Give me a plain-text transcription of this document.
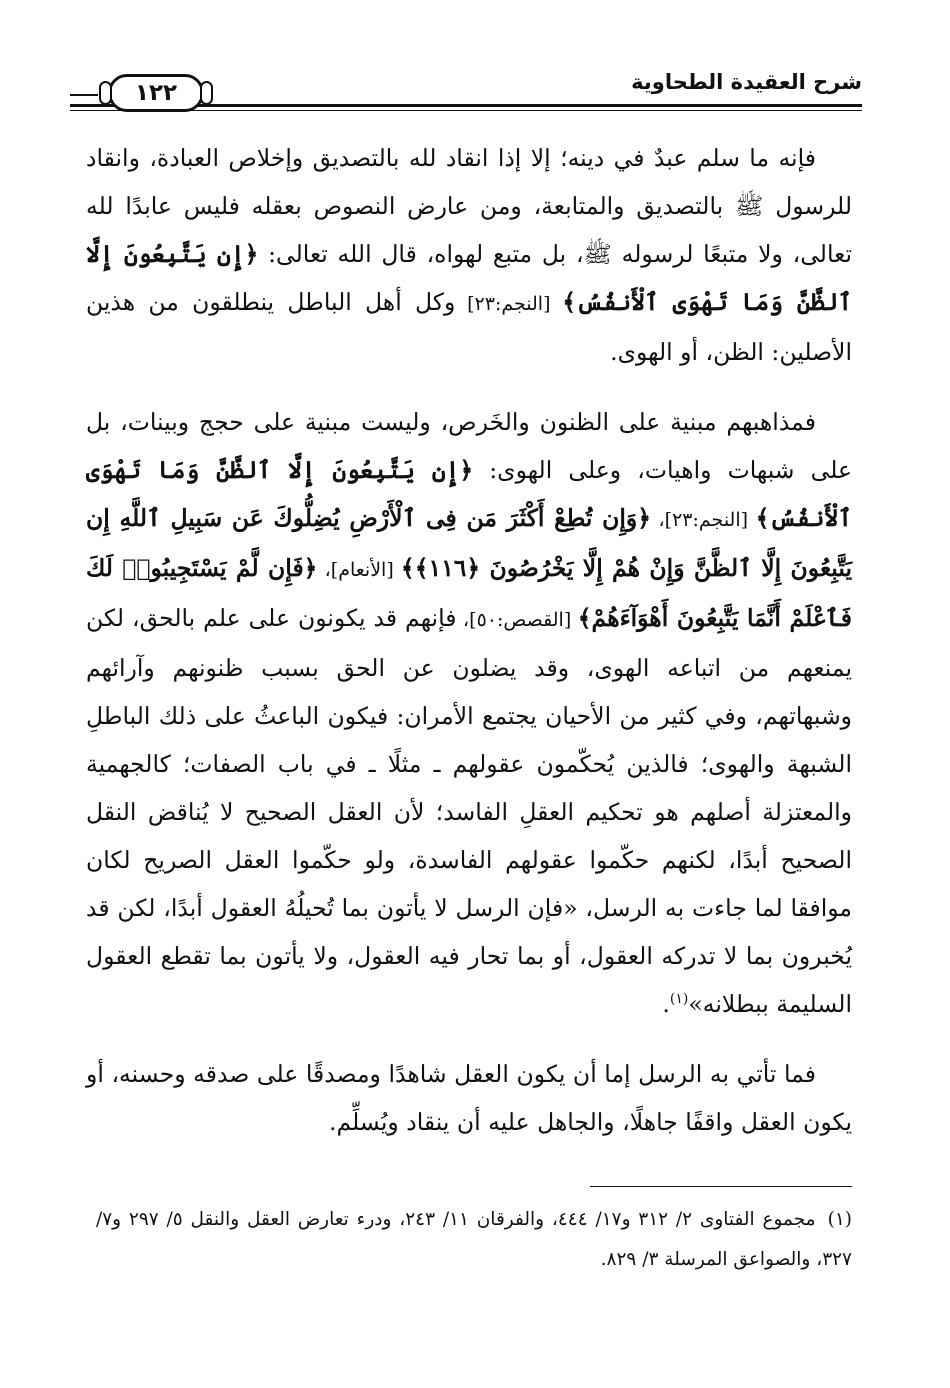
شرح العقيدة الطحاوية
١٢٢

فإنه ما سلم عبدٌ في دينه؛ إلا إذا انقاد لله بالتصديق وإخلاص العبادة، وانقاد للرسول ﷺ بالتصديق والمتابعة، ومن عارض النصوص بعقله فليس عابدًا لله تعالى، ولا متبعًا لرسوله ﷺ، بل متبع لهواه، قال الله تعالى: ﴿إِن يَتَّبِعُونَ إِلَّا ٱلظَّنَّ وَمَا تَهْوَى ٱلْأَنفُسُ﴾ [النجم:٢٣] وكل أهل الباطل ينطلقون من هذين الأصلين: الظن، أو الهوى.

فمذاهبهم مبنية على الظنون والخَرص، وليست مبنية على حجج وبينات، بل على شبهات واهيات، وعلى الهوى: ﴿إِن يَتَّبِعُونَ إِلَّا ٱلظَّنَّ وَمَا تَهْوَى ٱلْأَنفُسُ﴾ [النجم:٢٣]، ﴿وَإِن تُطِعْ أَكْثَرَ مَن فِى ٱلْأَرْضِ يُضِلُّوكَ عَن سَبِيلِ ٱللَّهِ إِن يَتَّبِعُونَ إِلَّا ٱلظَّنَّ وَإِنْ هُمْ إِلَّا يَخْرُصُونَ ﴿١١٦﴾﴾ [الأنعام]، ﴿فَإِن لَّمْ يَسْتَجِيبُوا۟ لَكَ فَٱعْلَمْ أَنَّمَا يَتَّبِعُونَ أَهْوَآءَهُمْ﴾ [القصص:٥٠]، فإنهم قد يكونون على علم بالحق، لكن يمنعهم من اتباعه الهوى، وقد يضلون عن الحق بسبب ظنونهم وآرائهم وشبهاتهم، وفي كثير من الأحيان يجتمع الأمران: فيكون الباعثُ على ذلك الباطلِ الشبهة والهوى؛ فالذين يُحكّمون عقولهم ـ مثلًا ـ في باب الصفات؛ كالجهمية والمعتزلة أصلهم هو تحكيم العقلِ الفاسد؛ لأن العقل الصحيح لا يُناقض النقل الصحيح أبدًا، لكنهم حكّموا عقولهم الفاسدة، ولو حكّموا العقل الصريح لكان موافقا لما جاءت به الرسل، «فإن الرسل لا يأتون بما تُحيلُهُ العقول أبدًا، لكن قد يُخبرون بما لا تدركه العقول، أو بما تحار فيه العقول، ولا يأتون بما تقطع العقول السليمة ببطلانه»$^{(١)}$.

فما تأتي به الرسل إما أن يكون العقل شاهدًا ومصدقًا على صدقه وحسنه، أو يكون العقل واقفًا جاهلًا، والجاهل عليه أن ينقاد ويُسلِّم.

(١)مجموع الفتاوى ٢/ ٣١٢ و١٧/ ٤٤٤، والفرقان ١١/ ٢٤٣، ودرء تعارض العقل والنقل ٥/ ٢٩٧ و٧/ ٣٢٧، والصواعق المرسلة ٣/ ٨٢٩.
